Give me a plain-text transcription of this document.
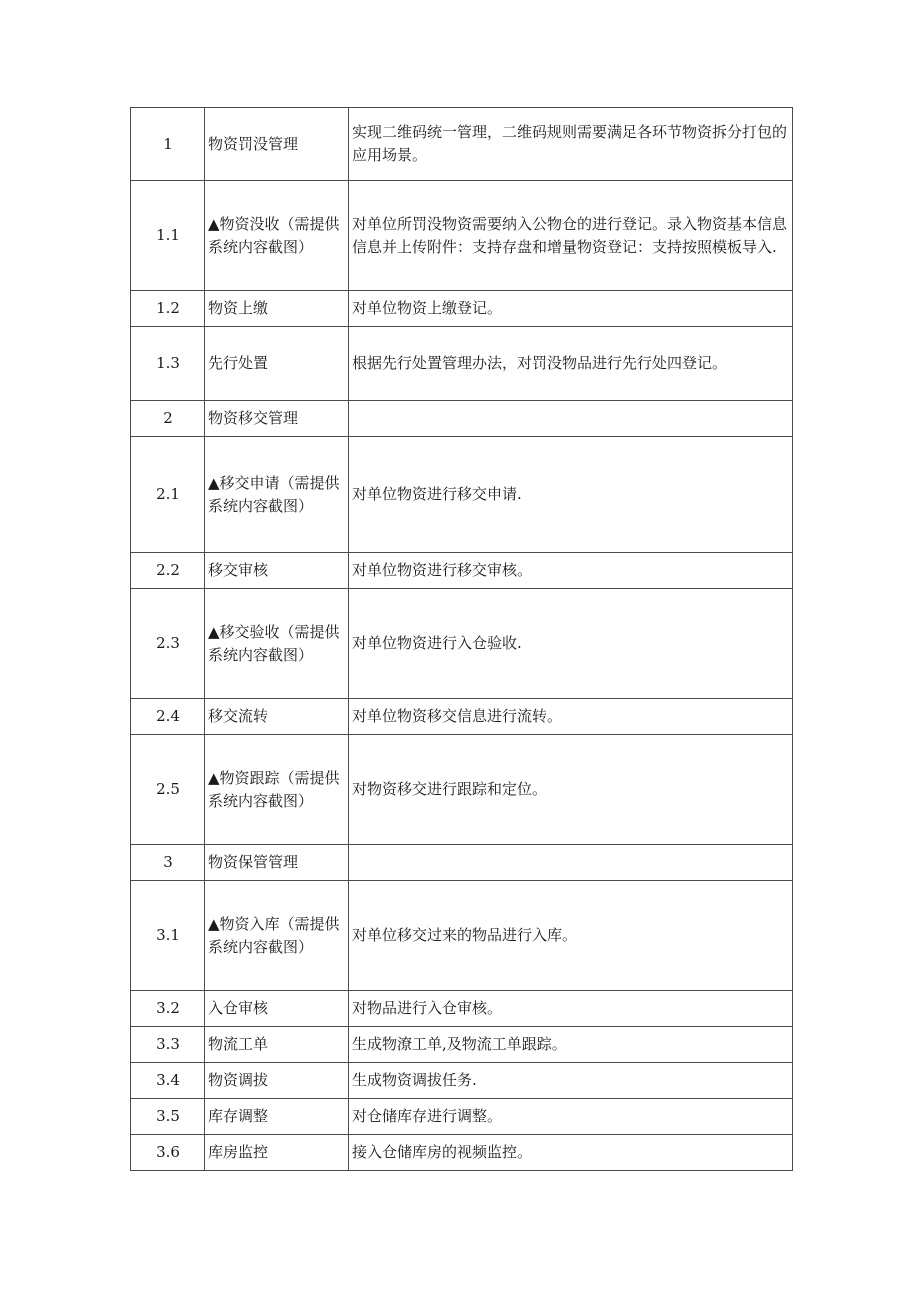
1	物资罚没管理	实现二维码统一管理，二维码规则需要满足各环节物资拆分打包的应用场景。
1.1	▲物资没收（需提供系统内容截图）	对单位所罚没物资需要纳入公物仓的进行登记。录入物资基本信息信息并上传附件：支持存盘和增量物资登记：支持按照模板导入.
1.2	物资上缴	对单位物资上缴登记。
1.3	先行处置	根据先行处置管理办法，对罚没物品进行先行处四登记。
2	物资移交管理	
2.1	▲移交申请（需提供系统内容截图）	对单位物资进行移交申请.
2.2	移交审核	对单位物资进行移交审核。
2.3	▲移交验收（需提供系统内容截图）	对单位物资进行入仓验收.
2.4	移交流转	对单位物资移交信息进行流转。
2.5	▲物资跟踪（需提供系统内容截图）	对物资移交进行跟踪和定位。
3	物资保管管理	
3.1	▲物资入库（需提供系统内容截图）	对单位移交过来的物品进行入库。
3.2	入仓审核	对物品进行入仓审核。
3.3	物流工单	生成物潦工单,及物流工单跟踪。
3.4	物资调拔	生成物资调拔任务.
3.5	库存调整	对仓储库存进行调整。
3.6	库房监控	接入仓储库房的视频监控。
